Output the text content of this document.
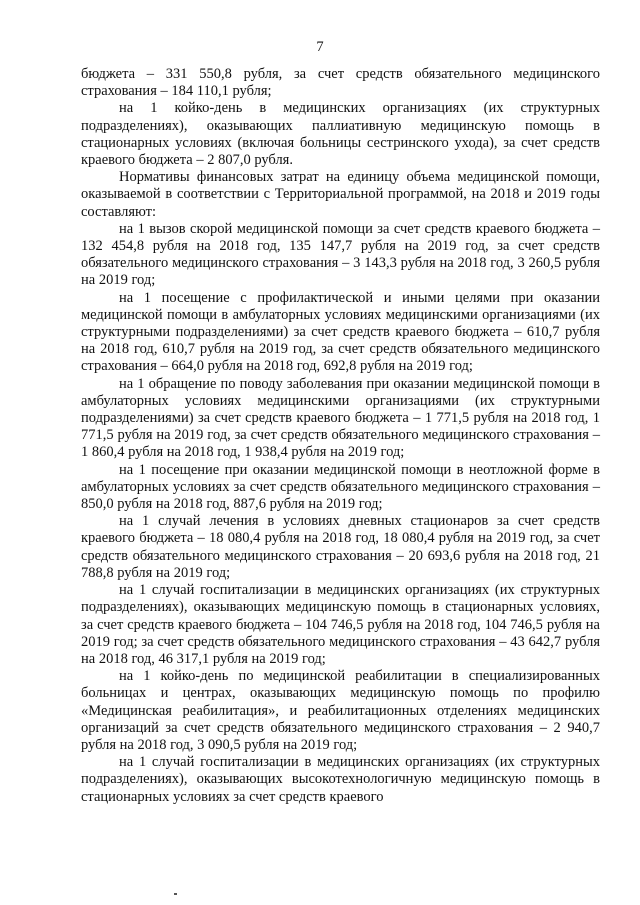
7

бюджета – 331 550,8 рубля, за счет средств обязательного медицинского страхования – 184 110,1 рубля;

на 1 койко-день в медицинских организациях (их структурных подразделениях), оказывающих паллиативную медицинскую помощь в стационарных условиях (включая больницы сестринского ухода), за счет средств краевого бюджета – 2 807,0 рубля.

Нормативы финансовых затрат на единицу объема медицинской помощи, оказываемой в соответствии с Территориальной программой, на 2018 и 2019 годы составляют:

на 1 вызов скорой медицинской помощи за счет средств краевого бюджета – 132 454,8 рубля на 2018 год, 135 147,7 рубля на 2019 год, за счет средств обязательного медицинского страхования – 3 143,3 рубля на 2018 год, 3 260,5 рубля на 2019 год;

на 1 посещение с профилактической и иными целями при оказании медицинской помощи в амбулаторных условиях медицинскими организациями (их структурными подразделениями) за счет средств краевого бюджета – 610,7 рубля на 2018 год, 610,7 рубля на 2019 год, за счет средств обязательного медицинского страхования – 664,0 рубля на 2018 год, 692,8 рубля на 2019 год;

на 1 обращение по поводу заболевания при оказании медицинской помощи в амбулаторных условиях медицинскими организациями (их структурными подразделениями) за счет средств краевого бюджета – 1 771,5 рубля на 2018 год, 1 771,5 рубля на 2019 год, за счет средств обязательного медицинского страхования – 1 860,4 рубля на 2018 год, 1 938,4 рубля на 2019 год;

на 1 посещение при оказании медицинской помощи в неотложной форме в амбулаторных условиях за счет средств обязательного медицинского страхования – 850,0 рубля на 2018 год, 887,6 рубля на 2019 год;

на 1 случай лечения в условиях дневных стационаров за счет средств краевого бюджета – 18 080,4 рубля на 2018 год, 18 080,4 рубля на 2019 год, за счет средств обязательного медицинского страхования – 20 693,6 рубля на 2018 год, 21 788,8 рубля на 2019 год;

на 1 случай госпитализации в медицинских организациях (их структурных подразделениях), оказывающих медицинскую помощь в стационарных условиях, за счет средств краевого бюджета – 104 746,5 рубля на 2018 год, 104 746,5 рубля на 2019 год; за счет средств обязательного медицинского страхования – 43 642,7 рубля на 2018 год, 46 317,1 рубля на 2019 год;

на 1 койко-день по медицинской реабилитации в специализированных больницах и центрах, оказывающих медицинскую помощь по профилю «Медицинская реабилитация», и реабилитационных отделениях медицинских организаций за счет средств обязательного медицинского страхования – 2 940,7 рубля на 2018 год, 3 090,5 рубля на 2019 год;

на 1 случай госпитализации в медицинских организациях (их структурных подразделениях), оказывающих высокотехнологичную медицинскую помощь в стационарных условиях за счет средств краевого
